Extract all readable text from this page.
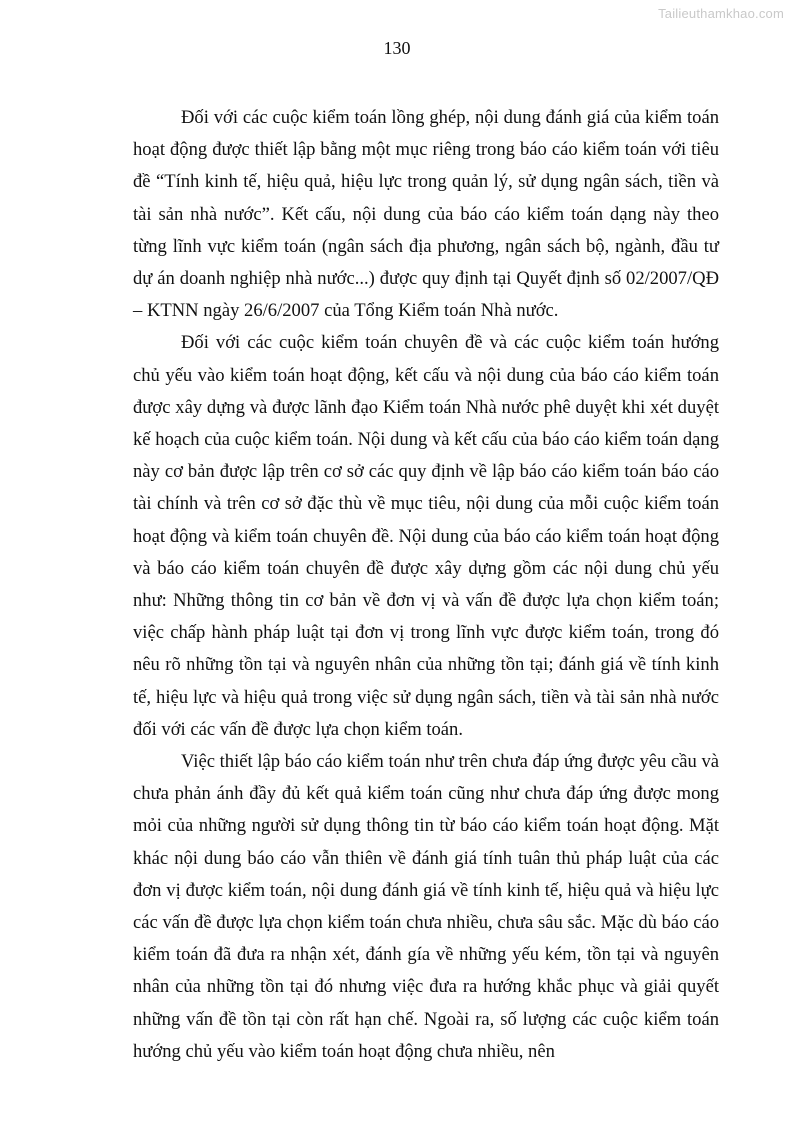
Tailieuthamkhao.com
130

Đối với các cuộc kiểm toán lồng ghép, nội dung đánh giá của kiểm toán hoạt động được thiết lập bằng một mục riêng trong báo cáo kiểm toán với tiêu đề “Tính kinh tế, hiệu quả, hiệu lực trong quản lý, sử dụng ngân sách, tiền và tài sản nhà nước”. Kết cấu, nội dung của báo cáo kiểm toán dạng này theo từng lĩnh vực kiểm toán (ngân sách địa phương, ngân sách bộ, ngành, đầu tư dự án doanh nghiệp nhà nước...) được quy định tại Quyết định số 02/2007/QĐ – KTNN ngày 26/6/2007 của Tổng Kiểm toán Nhà nước.

Đối với các cuộc kiểm toán chuyên đề và các cuộc kiểm toán hướng chủ yếu vào kiểm toán hoạt động, kết cấu và nội dung của báo cáo kiểm toán được xây dựng và được lãnh đạo Kiểm toán Nhà nước phê duyệt khi xét duyệt kế hoạch của cuộc kiểm toán. Nội dung và kết cấu của báo cáo kiểm toán dạng này cơ bản được lập trên cơ sở các quy định về lập báo cáo kiểm toán báo cáo tài chính và trên cơ sở đặc thù về mục tiêu, nội dung của mỗi cuộc kiểm toán hoạt động và kiểm toán chuyên đề. Nội dung của báo cáo kiểm toán hoạt động và báo cáo kiểm toán chuyên đề được xây dựng gồm các nội dung chủ yếu như: Những thông tin cơ bản về đơn vị và vấn đề được lựa chọn kiểm toán; việc chấp hành pháp luật tại đơn vị trong lĩnh vực được kiểm toán, trong đó nêu rõ những tồn tại và nguyên nhân của những tồn tại; đánh giá về tính kinh tế, hiệu lực và hiệu quả trong việc sử dụng ngân sách, tiền và tài sản nhà nước đối với các vấn đề được lựa chọn kiểm toán.

Việc thiết lập báo cáo kiểm toán như trên chưa đáp ứng được yêu cầu và chưa phản ánh đầy đủ kết quả kiểm toán cũng như chưa đáp ứng được mong mỏi của những người sử dụng thông tin từ báo cáo kiểm toán hoạt động. Mặt khác nội dung báo cáo vẫn thiên về đánh giá tính tuân thủ pháp luật của các đơn vị được kiểm toán, nội dung đánh giá về tính kinh tế, hiệu quả và hiệu lực các vấn đề được lựa chọn kiểm toán chưa nhiều, chưa sâu sắc. Mặc dù báo cáo kiểm toán đã đưa ra nhận xét, đánh gía về những yếu kém, tồn tại và nguyên nhân của những tồn tại đó nhưng việc đưa ra hướng khắc phục và giải quyết những vấn đề tồn tại còn rất hạn chế. Ngoài ra, số lượng các cuộc kiểm toán hướng chủ yếu vào kiểm toán hoạt động chưa nhiều, nên
